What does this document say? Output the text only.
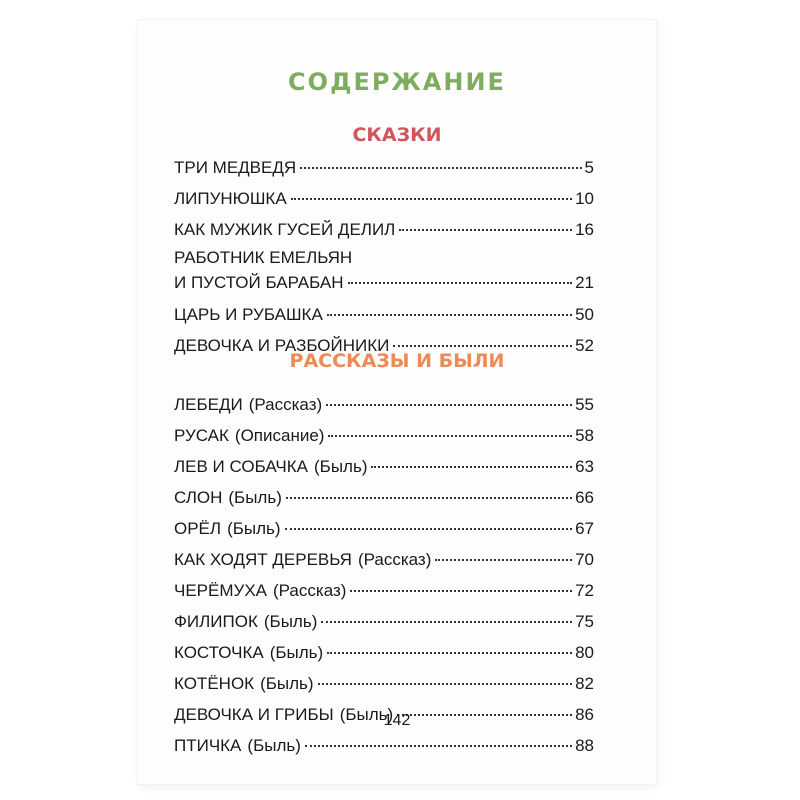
СОДЕРЖАНИЕ
СКАЗКИ
ТРИ МЕДВЕДЯ	5
ЛИПУНЮШКА	10
КАК МУЖИК ГУСЕЙ ДЕЛИЛ	16
РАБОТНИК ЕМЕЛЬЯН
И ПУСТОЙ БАРАБАН	21
ЦАРЬ И РУБАШКА	50
ДЕВОЧКА И РАЗБОЙНИКИ	52
РАССКАЗЫ И БЫЛИ
ЛЕБЕДИ (Рассказ)	55
РУСАК (Описание)	58
ЛЕВ И СОБАЧКА (Быль)	63
СЛОН (Быль)	66
ОРЁЛ (Быль)	67
КАК ХОДЯТ ДЕРЕВЬЯ (Рассказ)	70
ЧЕРЁМУХА (Рассказ)	72
ФИЛИПОК (Быль)	75
КОСТОЧКА (Быль)	80
КОТЁНОК (Быль)	82
ДЕВОЧКА И ГРИБЫ (Быль)	86
ПТИЧКА (Быль)	88
142
